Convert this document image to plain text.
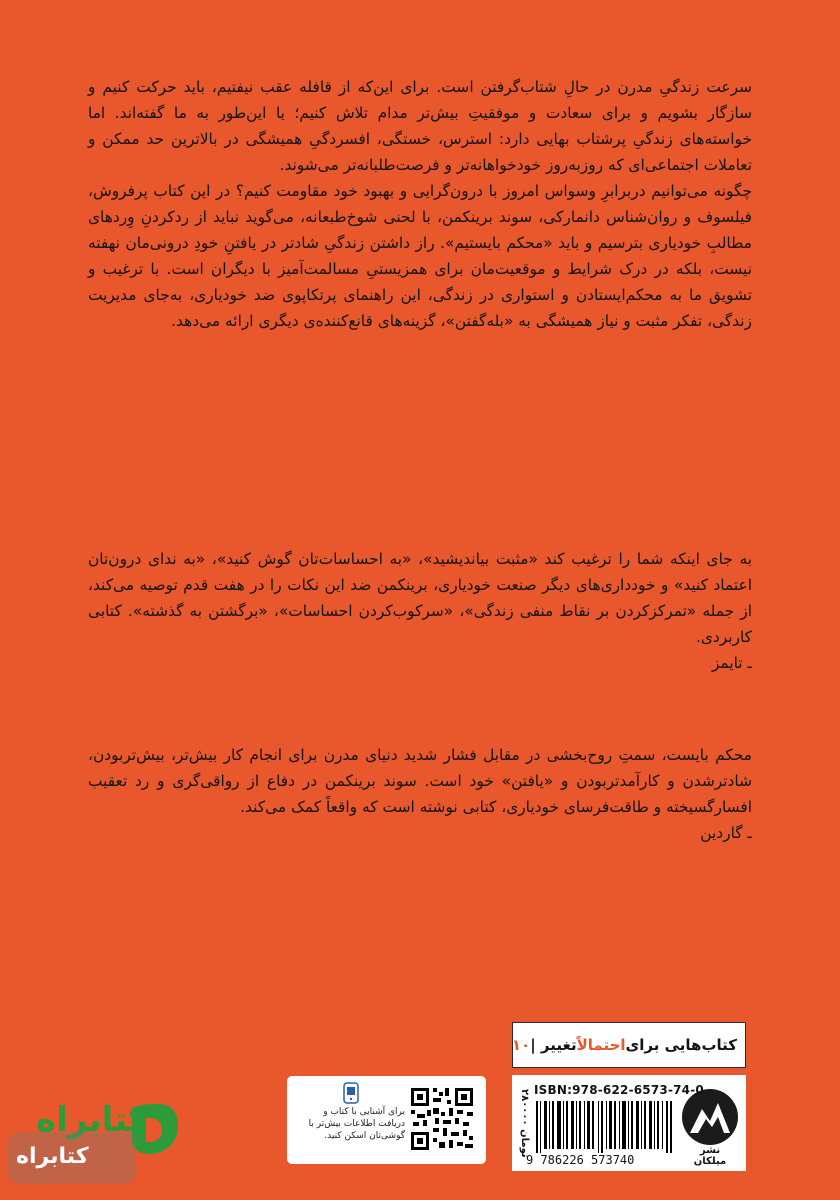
سرعت زندگیِ مدرن در حالِ شتاب‌گرفتن است. برای این‌که از قافله عقب نیفتیم، باید حرکت کنیم و سازگار بشویم و برای سعادت و موفقیتِ بیش‌تر مدام تلاش کنیم؛ یا این‌طور به ما گفته‌اند. اما خواسته‌های زندگیِ پرشتاب بهایی دارد: استرس، خستگی، افسردگیِ همیشگی در بالاترین حد ممکن و تعاملات اجتماعی‌ای که روزبه‌روز خودخواهانه‌تر و فرصت‌طلبانه‌تر می‌شوند.

چگونه می‌توانیم دربرابرِ وسواس امروز با درون‌گرایی و بهبود خود مقاومت کنیم؟ در این کتاب پرفروش، فیلسوف و روان‌شناس دانمارکی، سوند برینکمن، با لحنی شوخ‌طبعانه، می‌گوید نباید از ردکردنِ وِردهای مطالبِ خودیاری بترسیم و باید «محکم بایستیم». راز داشتن زندگیِ شادتر در یافتنِ خودِ درونی‌مان نهفته نیست، بلکه در درک شرایط و موقعیت‌مان برای همزیستیِ مسالمت‌آمیز با دیگران است. با ترغیب و تشویق ما به محکم‌ایستادن و استواری در زندگی، این راهنمای پرتکاپوی ضد خودیاری، به‌جای مدیریت زندگی، تفکر مثبت و نیاز همیشگی به «بله‌گفتن»، گزینه‌های قانع‌کننده‌ی دیگری ارائه می‌دهد.

به‌ جای اینکه شما را ترغیب کند «مثبت بیاندیشید»، «به احساسات‌تان گوش کنید»، «به ندای درون‌تان اعتماد کنید» و خودداری‌های دیگر صنعت خودیاری، برینکمن ضد این نکات را در هفت قدم توصیه می‌کند، از جمله «تمرکزکردن بر نقاط منفی زندگی»، «سرکوب‌کردن احساسات»، «برگشتن به گذشته». کتابی کاربردی.

ـ تایمز

محکم بایست، سمتِ روح‌بخشی در مقابل فشار شدید دنیای مدرن برای انجام کار بیش‌تر، بیش‌تربودن، شادترشدن و کارآمدتربودن و «یافتن» خود است. سوند برینکمن در دفاع از رواقی‌گری و رد تعقیب افسارگسیخته و طاقت‌فرسای خودیاری، کتابی نوشته است که واقعاً کمک می‌کند.

ـ گاردین

کتاب‌هایی برای
احتمالاً
تغییر |
۱۰
نشر میلکان
ISBN:978-622-6573-74-0
9 786226 573740
۲۸۰۰۰۰ تومان
برای آشنایی با کتاب و دریافت اطلاعات بیش‌تر با گوشی‌تان اسکن کنید.
کتابراه
کتابراه
